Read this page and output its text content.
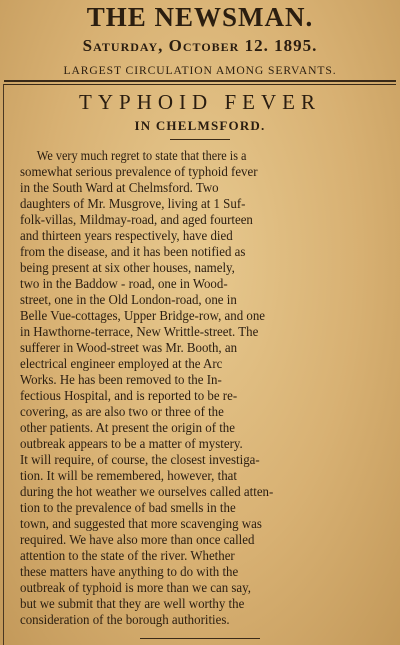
THE NEWSMAN.
Saturday, October 12. 1895.
LARGEST CIRCULATION AMONG SERVANTS.
TYPHOID FEVER
IN CHELMSFORD.
We very much regret to state that there is a
somewhat serious prevalence of typhoid fever
in the South Ward at Chelmsford. Two
daughters of Mr. Musgrove, living at 1 Suf-
folk-villas, Mildmay-road, and aged fourteen
and thirteen years respectively, have died
from the disease, and it has been notified as
being present at six other houses, namely,
two in the Baddow - road, one in Wood-
street, one in the Old London-road, one in
Belle Vue-cottages, Upper Bridge-row, and one
in Hawthorne-terrace, New Writtle-street. The
sufferer in Wood-street was Mr. Booth, an
electrical engineer employed at the Arc
Works. He has been removed to the In-
fectious Hospital, and is reported to be re-
covering, as are also two or three of the
other patients. At present the origin of the
outbreak appears to be a matter of mystery.
It will require, of course, the closest investiga-
tion. It will be remembered, however, that
during the hot weather we ourselves called atten-
tion to the prevalence of bad smells in the
town, and suggested that more scavenging was
required. We have also more than once called
attention to the state of the river. Whether
these matters have anything to do with the
outbreak of typhoid is more than we can say,
but we submit that they are well worthy the
consideration of the borough authorities.
